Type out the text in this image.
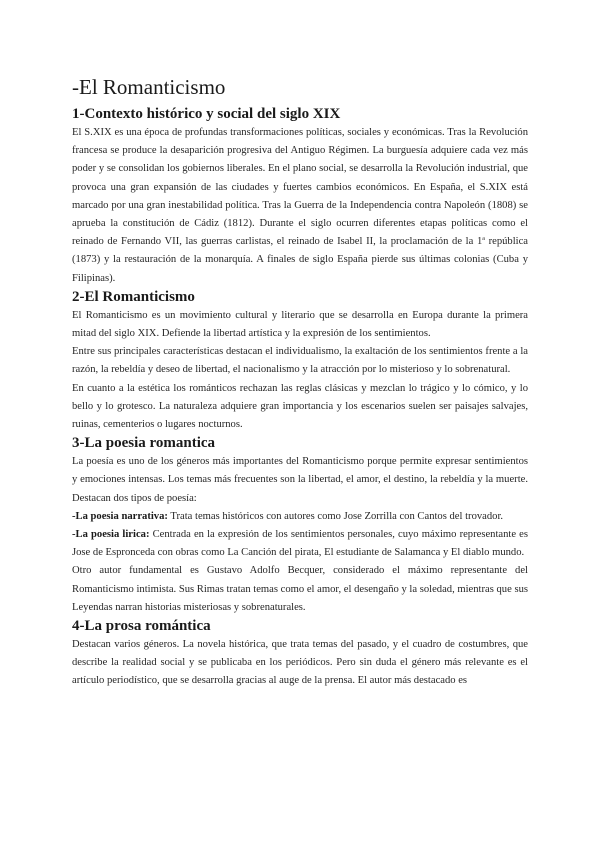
-El Romanticismo
1-Contexto histórico y social del siglo XIX

El S.XIX es una época de profundas transformaciones políticas, sociales y económicas. Tras la Revolución francesa se produce la desaparición progresiva del Antiguo Régimen. La burguesía adquiere cada vez más poder y se consolidan los gobiernos liberales. En el plano social, se desarrolla la Revolución industrial, que provoca una gran expansión de las ciudades y fuertes cambios económicos. En España, el S.XIX está marcado por una gran inestabilidad política. Tras la Guerra de la Independencia contra Napoleón (1808) se aprueba la constitución de Cádiz (1812). Durante el siglo ocurren diferentes etapas políticas como el reinado de Fernando VII, las guerras carlistas, el reinado de Isabel II, la proclamación de la 1$^a$ república (1873) y la restauración de la monarquía. A finales de siglo España pierde sus últimas colonias (Cuba y Filipinas).

2-El Romanticismo

El Romanticismo es un movimiento cultural y literario que se desarrolla en Europa durante la primera mitad del siglo XIX. Defiende la libertad artística y la expresión de los sentimientos.

Entre sus principales características destacan el individualismo, la exaltación de los sentimientos frente a la razón, la rebeldía y deseo de libertad, el nacionalismo y la atracción por lo misterioso y lo sobrenatural.

En cuanto a la estética los románticos rechazan las reglas clásicas y mezclan lo trágico y lo cómico, y lo bello y lo grotesco. La naturaleza adquiere gran importancia y los escenarios suelen ser paisajes salvajes, ruinas, cementerios o lugares nocturnos.

3-La poesia romantica

La poesía es uno de los géneros más importantes del Romanticismo porque permite expresar sentimientos y emociones intensas. Los temas más frecuentes son la libertad, el amor, el destino, la rebeldía y la muerte. Destacan dos tipos de poesía:

-La poesia narrativa: Trata temas históricos con autores como Jose Zorrilla con Cantos del trovador.

-La poesia lirica: Centrada en la expresión de los sentimientos personales, cuyo máximo representante es Jose de Espronceda con obras como La Canción del pirata, El estudiante de Salamanca y El diablo mundo.

Otro autor fundamental es Gustavo Adolfo Becquer, considerado el máximo representante del Romanticismo intimista. Sus Rimas tratan temas como el amor, el desengaño y la soledad, mientras que sus Leyendas narran historias misteriosas y sobrenaturales.

4-La prosa romántica

Destacan varios géneros. La novela histórica, que trata temas del pasado, y el cuadro de costumbres, que describe la realidad social y se publicaba en los periódicos. Pero sin duda el género más relevante es el artículo periodístico, que se desarrolla gracias al auge de la prensa. El autor más destacado es
